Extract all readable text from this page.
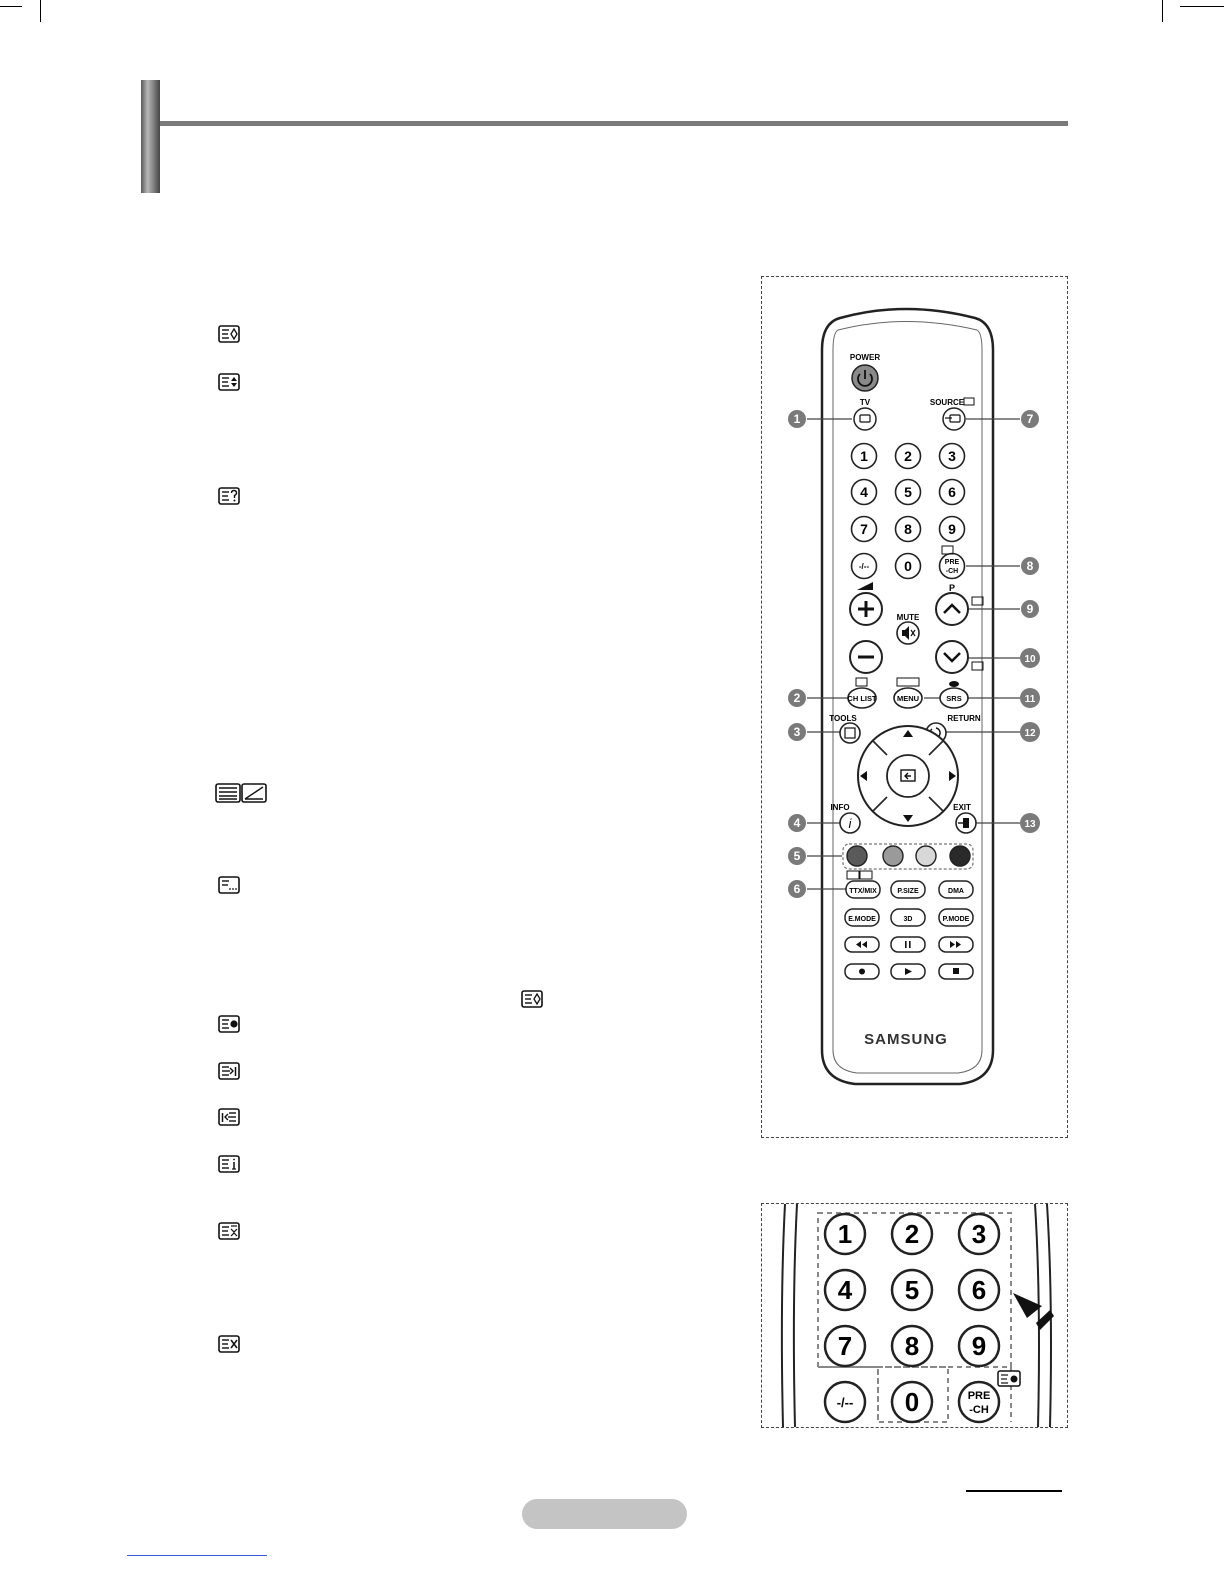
POWER
TV	SOURCE
1	2	3
4	5	6
7	8	9
0
-/--	PRE
-CH
MUTE
P
CH LIST	MENU	SRS
TOOLS	RETURN
INFO
i
EXIT
TTX/MIX	P.SIZE	DMA
E.MODE	3D	P.MODE
SAMSUNG
1
2
3
4
5
6
7
8
9
10
11
12
13
1 2 3
4 5 6
7 8 9
0
-/--	PRE
-CH
